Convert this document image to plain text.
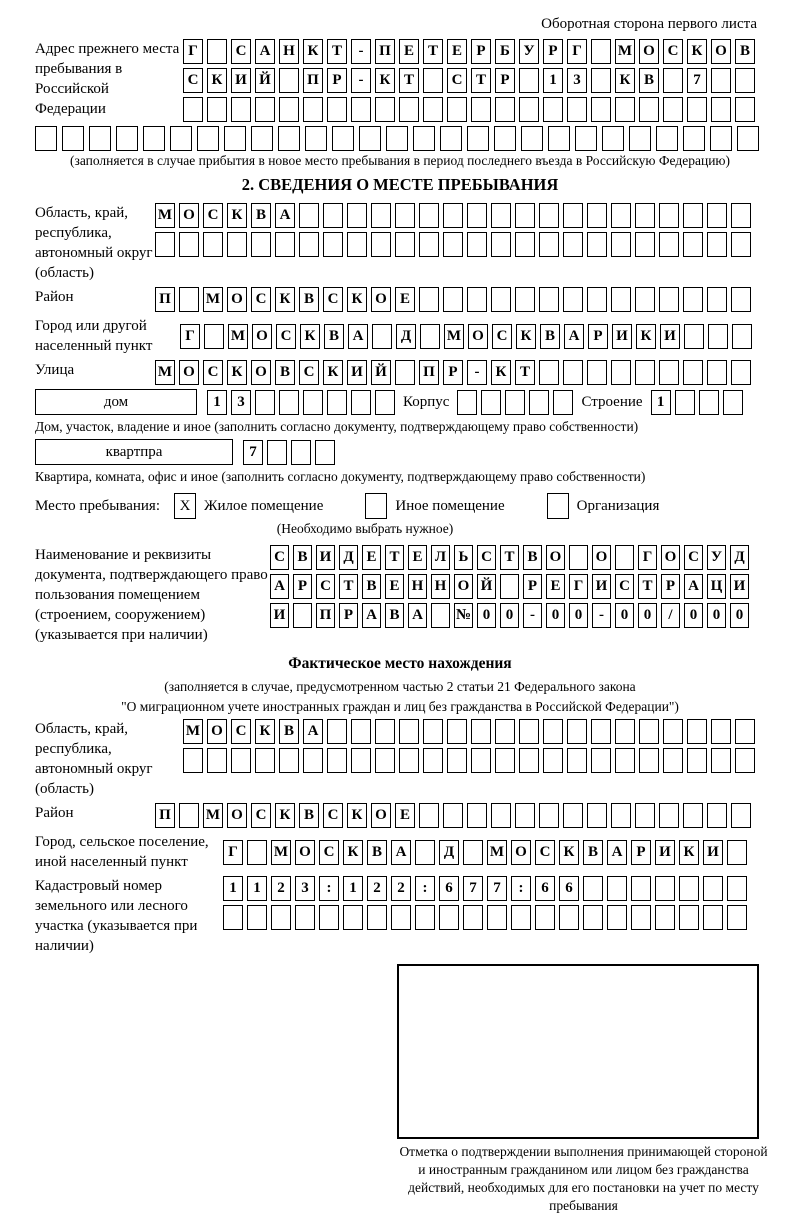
Оборотная сторона первого листа
Адрес прежнего места пребывания в Российской Федерации
Г	С А Н К Т	-	П Е Т Е Р Б У Р Г	М О С К О В
С К И Й П Р	-	К Т	С Т Р	1	3	К В	7
(заполняется в случае прибытия в новое место пребывания в период последнего въезда в Российскую Федерацию)
2. СВЕДЕНИЯ О МЕСТЕ ПРЕБЫВАНИЯ
Область, край, республика, автономный округ (область)
М О С К В А
Район	П М О С К В С К О Е
Город или другой населенный пункт
Г	М О С К В А	Д	М О С К В А Р И К И
Улица	М О С К О В С К И Й П Р	-	К Т
дом	1	3	Корпус	Строение 1
Дом, участок, владение и иное (заполнить согласно документу, подтверждающему право собственности)
квартпра	7
Квартира, комната, офис и иное (заполнить согласно документу, подтверждающему право собственности)
Место пребывания:	X Жилое помещение	Иное помещение	Организация
(Необходимо выбрать нужное)
Наименование и реквизиты документа, подтверждающего право пользования помещением (строением, сооружением) (указывается при наличии)
С В И Д Е Т Е Л Ь С Т В О О	Г О С У Д
А Р С Т В Е Н Н О Й	Р Е Г И С Т Р А Ц И
И П Р А В А № 0	0	-	0	0	-	0	0	/	0	0	0
Фактическое место нахождения
(заполняется в случае, предусмотренном частью 2 статьи 21 Федерального закона
"О миграционном учете иностранных граждан и лиц без гражданства в Российской Федерации")
Область, край, республика, автономный округ (область)
М О С К В А
Район	П М О С К В С К О Е
Город, сельское поселение, иной населенный пункт
Г	М О С К В А	Д	М О С К В А Р И К И
Кадастровый номер земельного или лесного участка (указывается при наличии)
1	1	2	3	:	1	2	2	:	6	7	7	:	6	6
Отметка о подтверждении выполнения принимающей стороной и иностранным гражданином или лицом без гражданства действий, необходимых для его постановки на учет по месту пребывания
